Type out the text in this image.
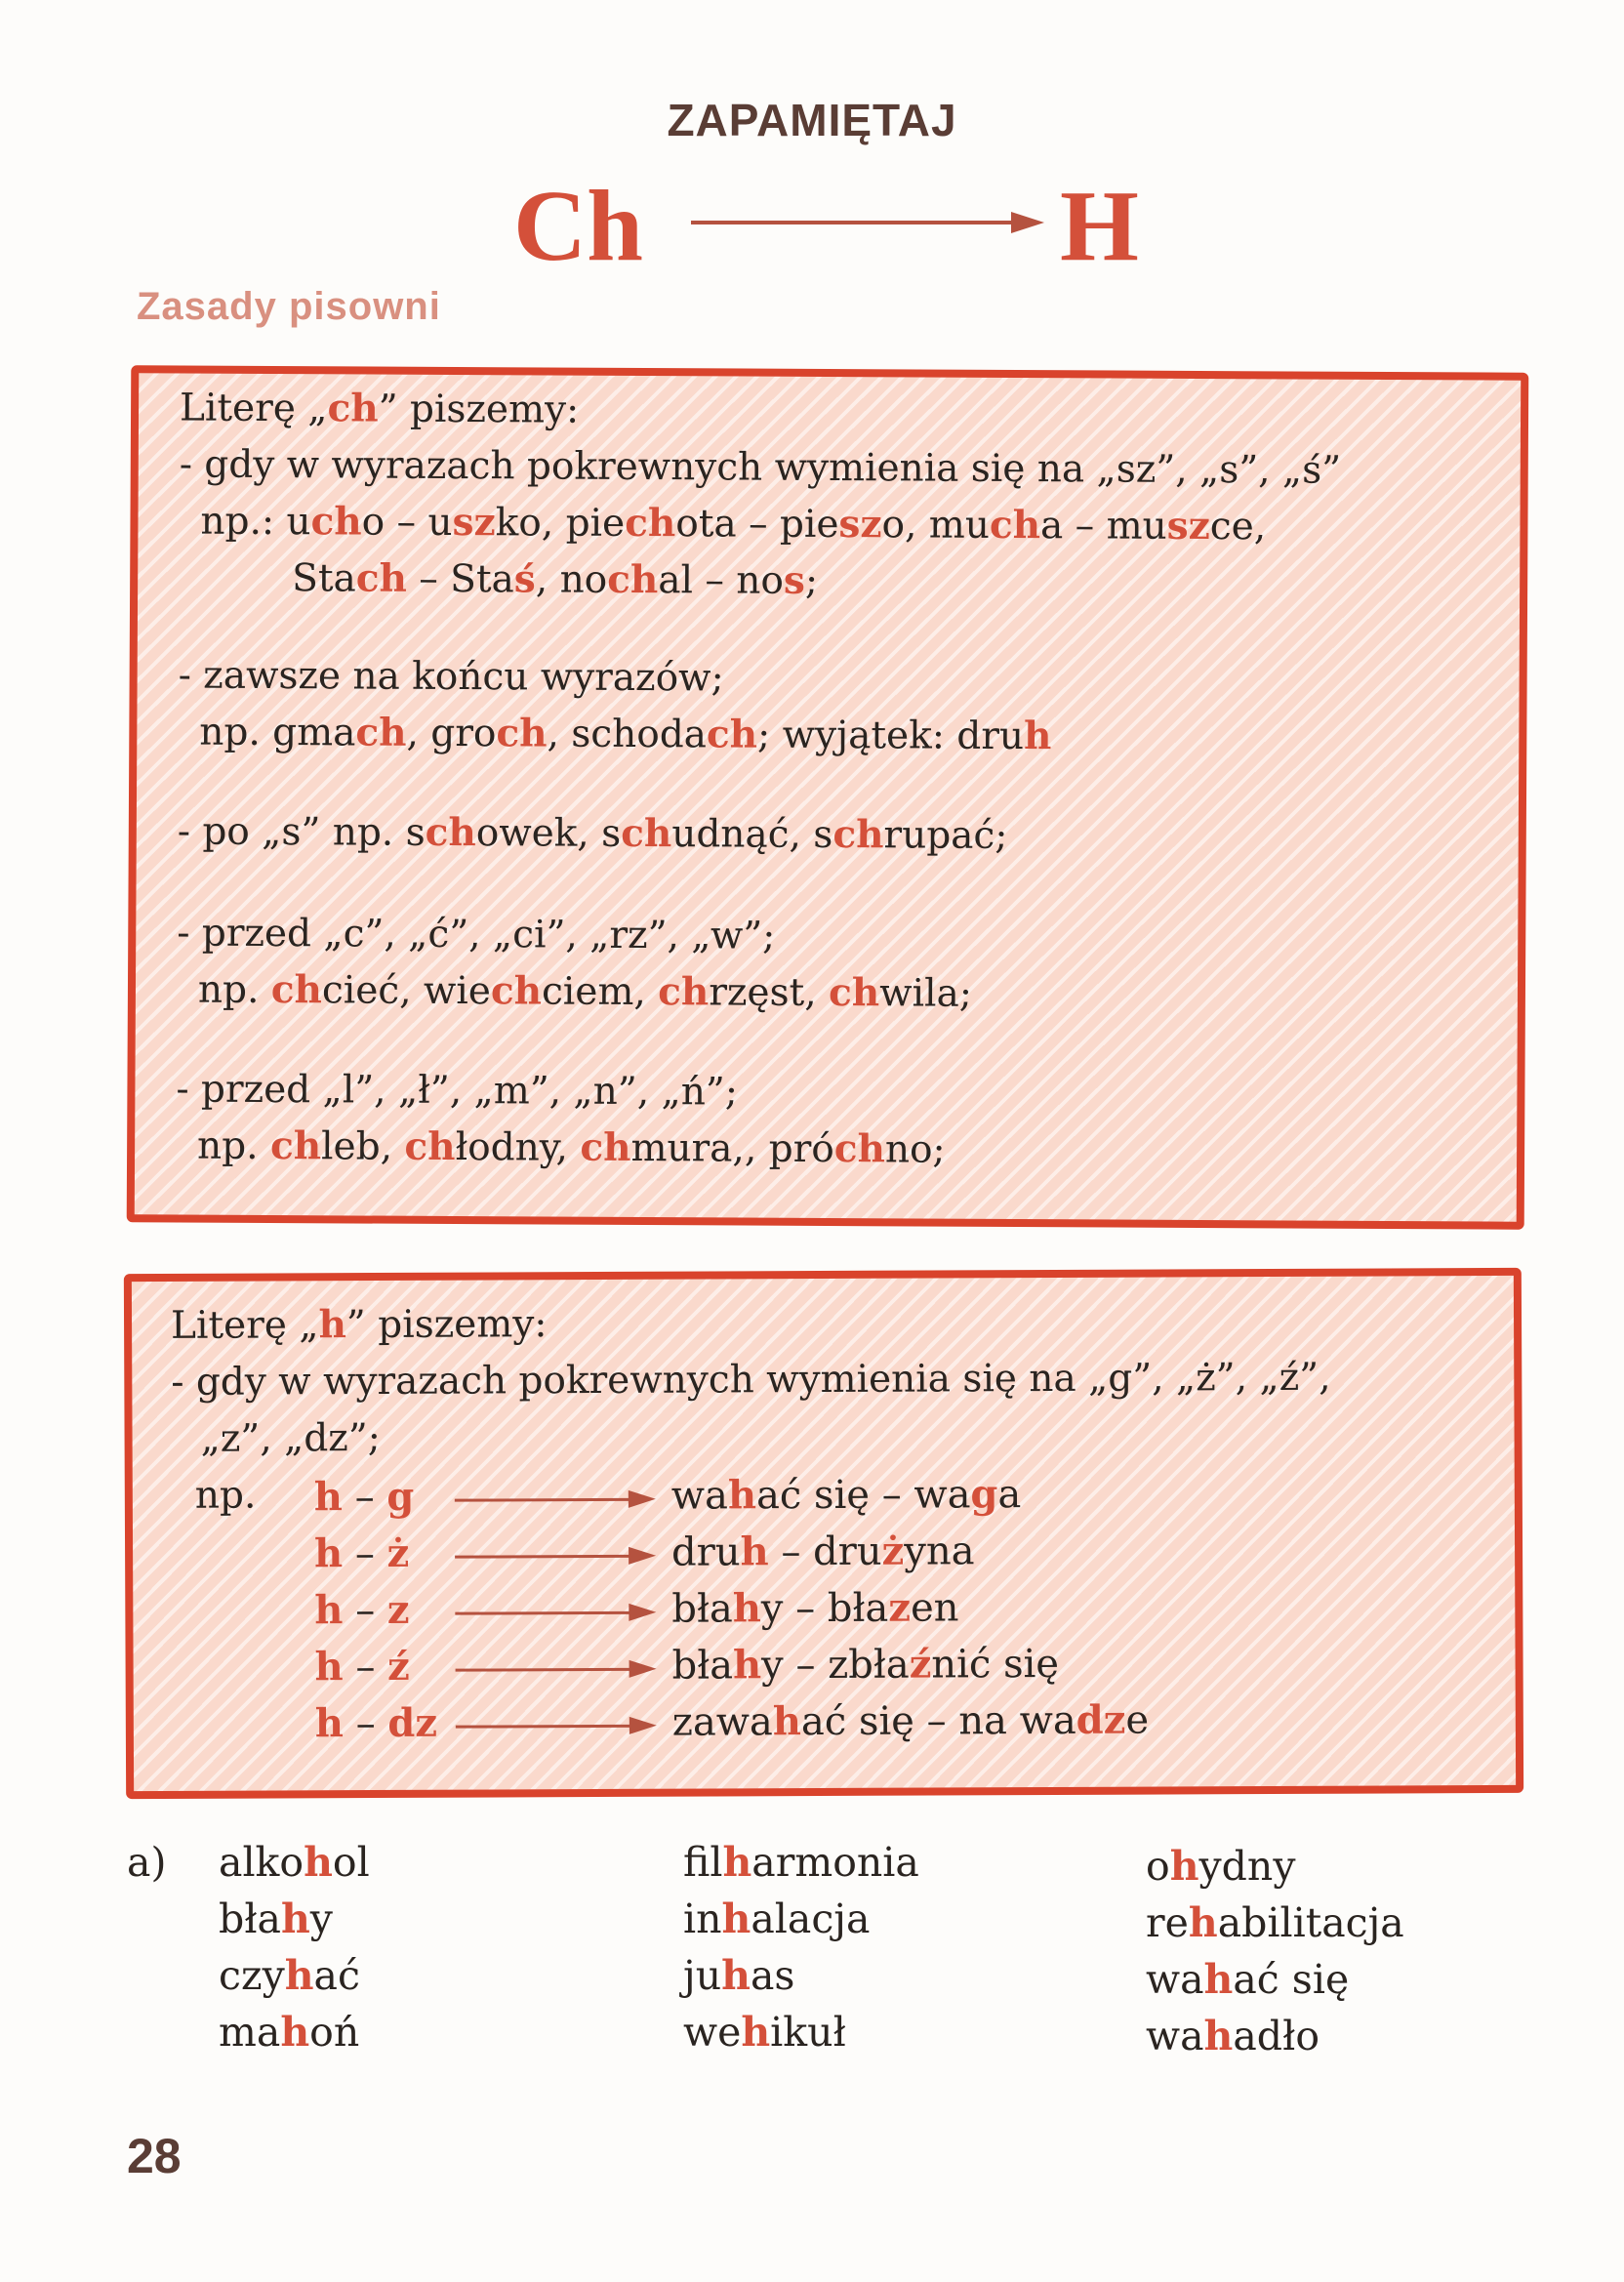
ZAPAMIĘTAJ
Ch	H
Zasady pisowni
Literę „ch” piszemy:
- gdy w wyrazach pokrewnych wymienia się na „sz”, „s”, „ś”
np.: ucho – uszko, piechota – pieszo, mucha – muszce,
Stach – Staś, nochal – nos;
- zawsze na końcu wyrazów;
np. gmach, groch, schodach; wyjątek: druh
- po „s” np. schowek, schudnąć, schrupać;
- przed „c”, „ć”, „ci”, „rz”, „w”;
np. chcieć, wiechciem, chrzęst, chwila;
- przed „l”, „ł”, „m”, „n”, „ń”;
np. chleb, chłodny, chmura,, próchno;
Literę „h” piszemy:
- gdy w wyrazach pokrewnych wymienia się na „g”, „ż”, „ź”,
„z”, „dz”;
np. h – g	wahać się – waga
h – ż	druh – drużyna
h – z	błahy – błazen
h – ź	błahy – zbłaźnić się
h – dz	zawahać się – na wadze
a) alkohol
błahy
czyhać
mahoń
filharmonia
inhalacja
juhas
wehikuł
ohydny
rehabilitacja
wahać się
wahadło
28
